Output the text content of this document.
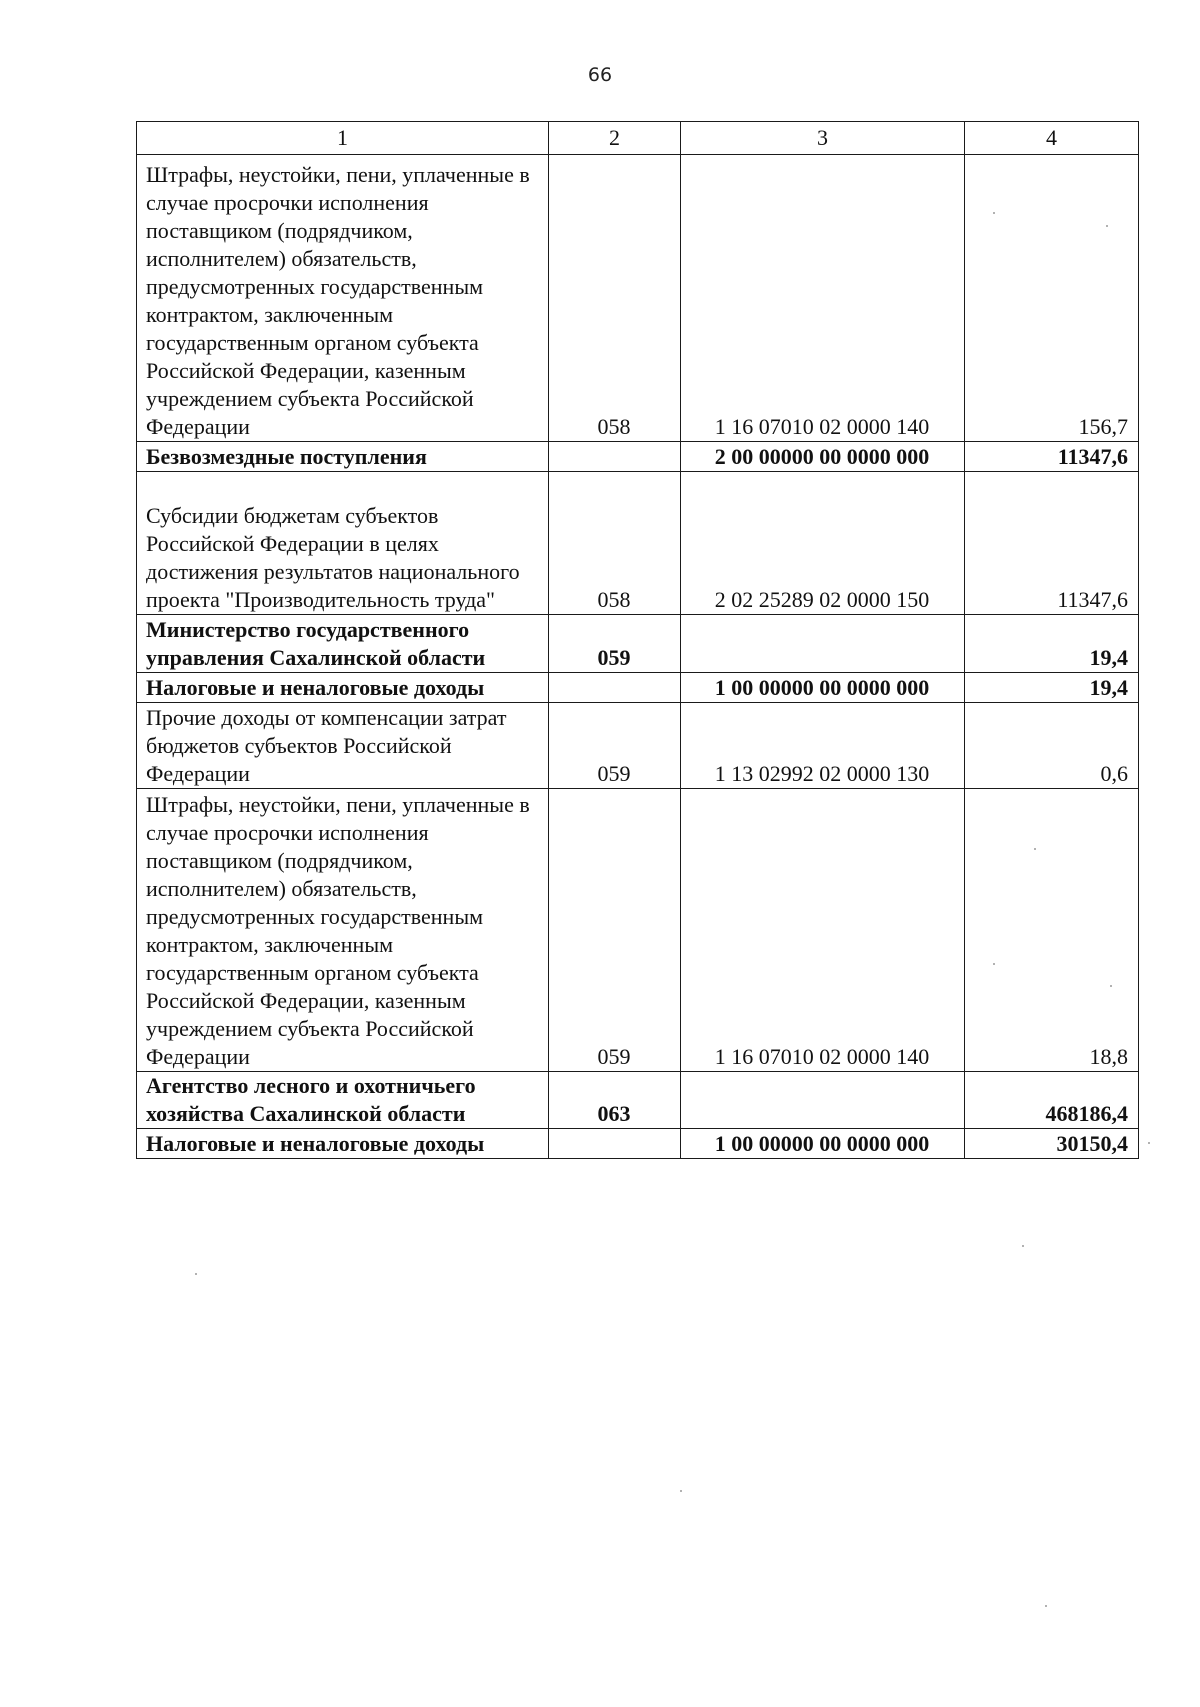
66
1	2	3	4
Штрафы, неустойки, пени, уплаченные в случае просрочки исполнения поставщиком (подрядчиком, исполнителем) обязательств, предусмотренных государственным контрактом, заключенным государственным органом субъекта Российской Федерации, казенным учреждением субъекта Российской Федерации	058	1 16 07010 02 0000 140	156,7
Безвозмездные поступления		2 00 00000 00 0000 000	11347,6
Субсидии бюджетам субъектов Российской Федерации в целях достижения результатов национального проекта "Производительность труда"	058	2 02 25289 02 0000 150	11347,6
Министерство государственного управления Сахалинской области	059		19,4
Налоговые и неналоговые доходы		1 00 00000 00 0000 000	19,4
Прочие доходы от компенсации затрат бюджетов субъектов Российской Федерации	059	1 13 02992 02 0000 130	0,6
Штрафы, неустойки, пени, уплаченные в случае просрочки исполнения поставщиком (подрядчиком, исполнителем) обязательств, предусмотренных государственным контрактом, заключенным государственным органом субъекта Российской Федерации, казенным учреждением субъекта Российской Федерации	059	1 16 07010 02 0000 140	18,8
Агентство лесного и охотничьего хозяйства Сахалинской области	063		468186,4
Налоговые и неналоговые доходы		1 00 00000 00 0000 000	30150,4
